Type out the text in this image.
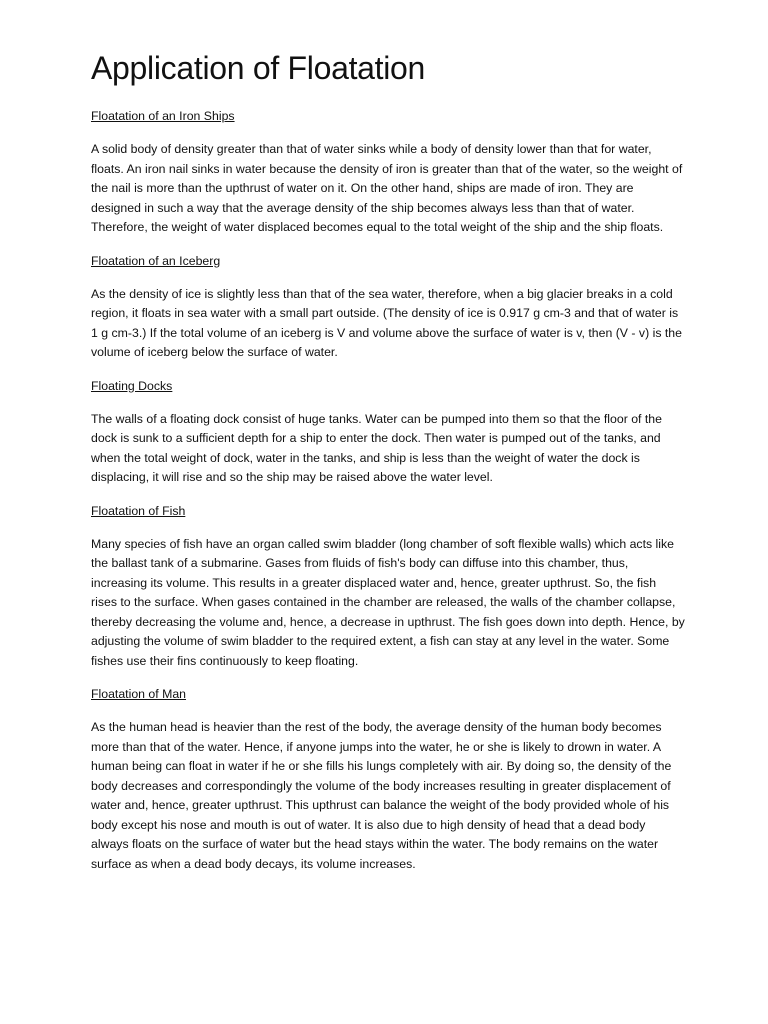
Application of Floatation
Floatation of an Iron Ships

A solid body of density greater than that of water sinks while a body of density lower than that for water, floats. An iron nail sinks in water because the density of iron is greater than that of the water, so the weight of the nail is more than the upthrust of water on it. On the other hand, ships are made of iron. They are designed in such a way that the average density of the ship becomes always less than that of water. Therefore, the weight of water displaced becomes equal to the total weight of the ship and the ship floats.

Floatation of an Iceberg

As the density of ice is slightly less than that of the sea water, therefore, when a big glacier breaks in a cold region, it floats in sea water with a small part outside. (The density of ice is 0.917 g cm-3 and that of water is 1 g cm-3.) If the total volume of an iceberg is V and volume above the surface of water is v, then (V - v) is the volume of iceberg below the surface of water.

Floating Docks

The walls of a floating dock consist of huge tanks. Water can be pumped into them so that the floor of the dock is sunk to a sufficient depth for a ship to enter the dock. Then water is pumped out of the tanks, and when the total weight of dock, water in the tanks, and ship is less than the weight of water the dock is displacing, it will rise and so the ship may be raised above the water level.

Floatation of Fish

Many species of fish have an organ called swim bladder (long chamber of soft flexible walls) which acts like the ballast tank of a submarine. Gases from fluids of fish's body can diffuse into this chamber, thus, increasing its volume. This results in a greater displaced water and, hence, greater upthrust. So, the fish rises to the surface. When gases contained in the chamber are released, the walls of the chamber collapse, thereby decreasing the volume and, hence, a decrease in upthrust. The fish goes down into depth. Hence, by adjusting the volume of swim bladder to the required extent, a fish can stay at any level in the water. Some fishes use their fins continuously to keep floating.

Floatation of Man

As the human head is heavier than the rest of the body, the average density of the human body becomes more than that of the water. Hence, if anyone jumps into the water, he or she is likely to drown in water. A human being can float in water if he or she fills his lungs completely with air. By doing so, the density of the body decreases and correspondingly the volume of the body increases resulting in greater displacement of water and, hence, greater upthrust. This upthrust can balance the weight of the body provided whole of his body except his nose and mouth is out of water. It is also due to high density of head that a dead body always floats on the surface of water but the head stays within the water. The body remains on the water surface as when a dead body decays, its volume increases.
